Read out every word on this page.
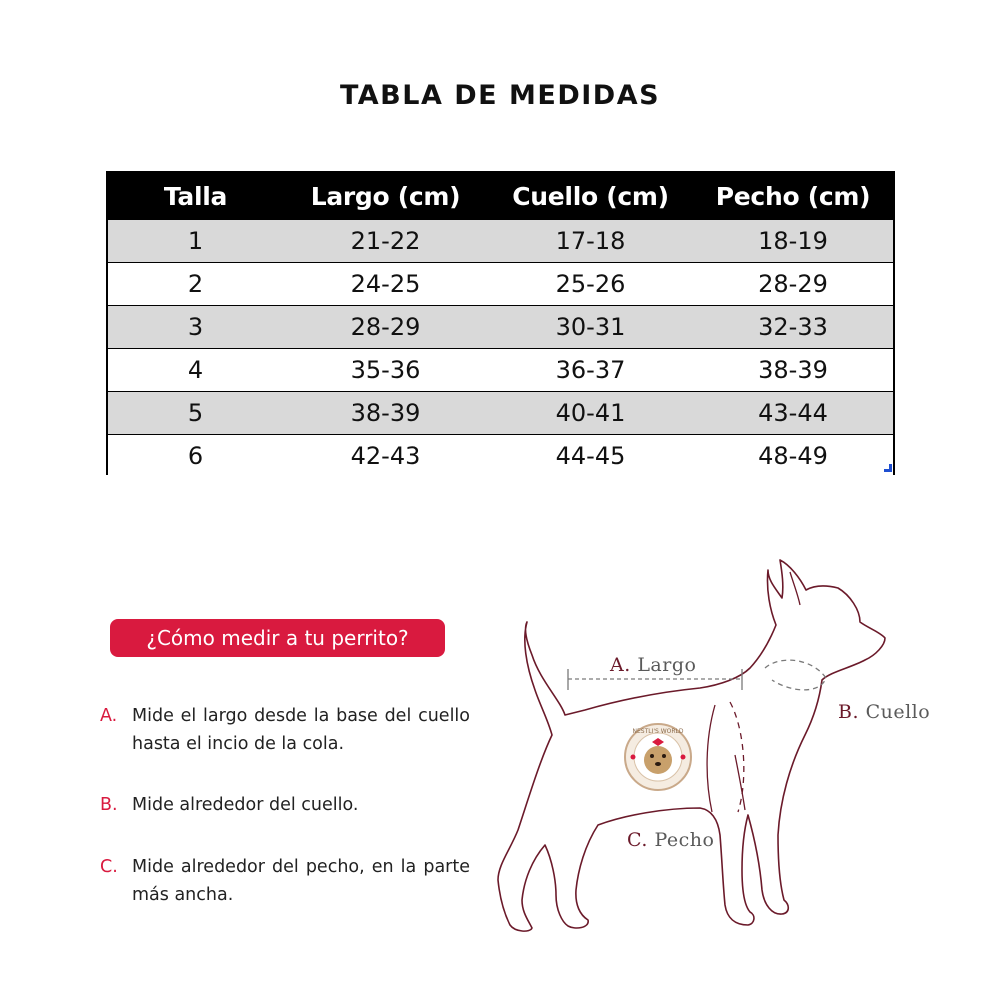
TABLA DE MEDIDAS
Talla	Largo (cm)	Cuello (cm)	Pecho (cm)
1	21-22	17-18	18-19
2	24-25	25-26	28-29
3	28-29	30-31	32-33
4	35-36	36-37	38-39
5	38-39	40-41	43-44
6	42-43	44-45	48-49
¿Cómo medir a tu perrito?
A. Mide el largo desde la base del cuello hasta el incio de la cola.
B. Mide alrededor del cuello.
C. Mide alrededor del pecho, en la parte más ancha.
A. Largo
B. Cuello
C. Pecho
NESTLI'S WORLD
